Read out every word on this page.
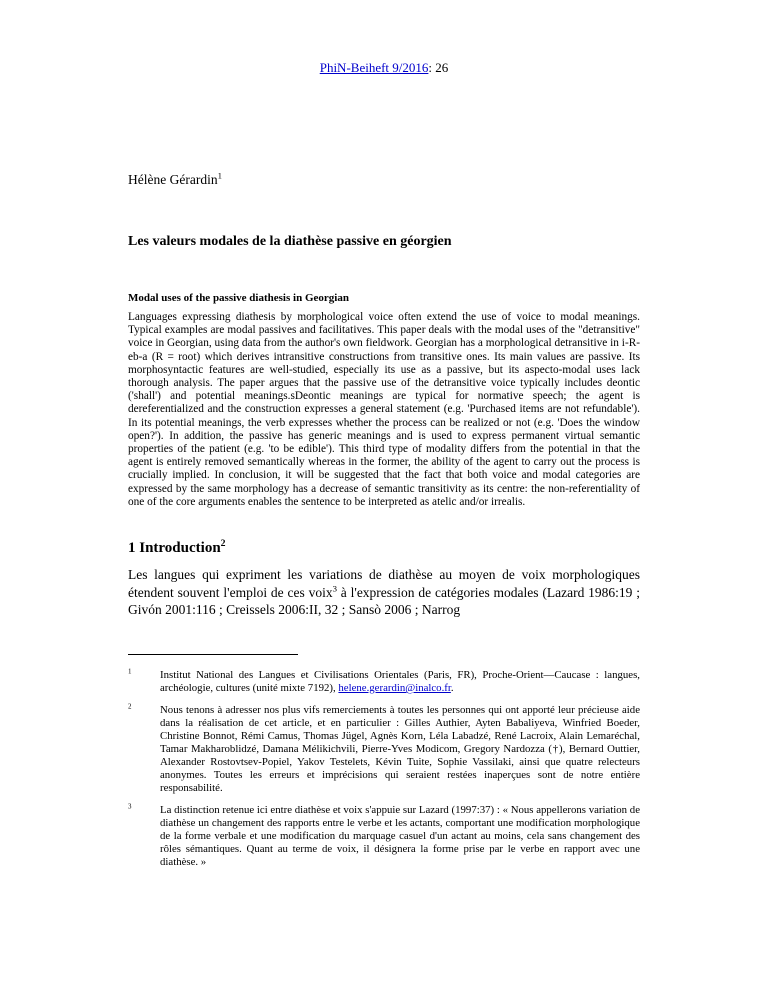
PhiN-Beiheft 9/2016: 26
Hélène Gérardin$^1$
Les valeurs modales de la diathèse passive en géorgien
Modal uses of the passive diathesis in Georgian
Languages expressing diathesis by morphological voice often extend the use of voice to modal meanings. Typical examples are modal passives and facilitatives. This paper deals with the modal uses of the "detransitive" voice in Georgian, using data from the author's own fieldwork. Georgian has a morphological detransitive in i-R-eb-a (R = root) which derives intransitive constructions from transitive ones. Its main values are passive. Its morphosyntactic features are well-studied, especially its use as a passive, but its aspecto-modal uses lack thorough analysis. The paper argues that the passive use of the detransitive voice typically includes deontic ('shall') and potential meanings.sDeontic meanings are typical for normative speech; the agent is dereferentialized and the construction expresses a general statement (e.g. 'Purchased items are not refundable'). In its potential meanings, the verb expresses whether the process can be realized or not (e.g. 'Does the window open?'). In addition, the passive has generic meanings and is used to express permanent virtual semantic properties of the patient (e.g. 'to be edible'). This third type of modality differs from the potential in that the agent is entirely removed semantically whereas in the former, the ability of the agent to carry out the process is crucially implied. In conclusion, it will be suggested that the fact that both voice and modal categories are expressed by the same morphology has a decrease of semantic transitivity as its centre: the non-referentiality of one of the core arguments enables the sentence to be interpreted as atelic and/or irrealis.
1 Introduction$^2$
Les langues qui expriment les variations de diathèse au moyen de voix morphologiques étendent souvent l'emploi de ces voix$^3$ à l'expression de catégories modales (Lazard 1986:19 ; Givón 2001:116 ; Creissels 2006:II, 32 ; Sansò 2006 ; Narrog
$^1$	Institut National des Langues et Civilisations Orientales (Paris, FR), Proche-Orient—Caucase : langues, archéologie, cultures (unité mixte 7192), helene.gerardin@inalco.fr.
$^2$	Nous tenons à adresser nos plus vifs remerciements à toutes les personnes qui ont apporté leur précieuse aide dans la réalisation de cet article, et en particulier : Gilles Authier, Ayten Babaliyeva, Winfried Boeder, Christine Bonnot, Rémi Camus, Thomas Jügel, Agnès Korn, Léla Labadzé, René Lacroix, Alain Lemaréchal, Tamar Makharoblidzé, Damana Mélikichvili, Pierre-Yves Modicom, Gregory Nardozza (†), Bernard Outtier, Alexander Rostovtsev-Popiel, Yakov Testelets, Kévin Tuite, Sophie Vassilaki, ainsi que quatre relecteurs anonymes. Toutes les erreurs et imprécisions qui seraient restées inaperçues sont de notre entière responsabilité.
$^3$	La distinction retenue ici entre diathèse et voix s'appuie sur Lazard (1997:37) : « Nous appellerons variation de diathèse un changement des rapports entre le verbe et les actants, comportant une modification morphologique de la forme verbale et une modification du marquage casuel d'un actant au moins, cela sans changement des rôles sémantiques. Quant au terme de voix, il désignera la forme prise par le verbe en rapport avec une diathèse. »
